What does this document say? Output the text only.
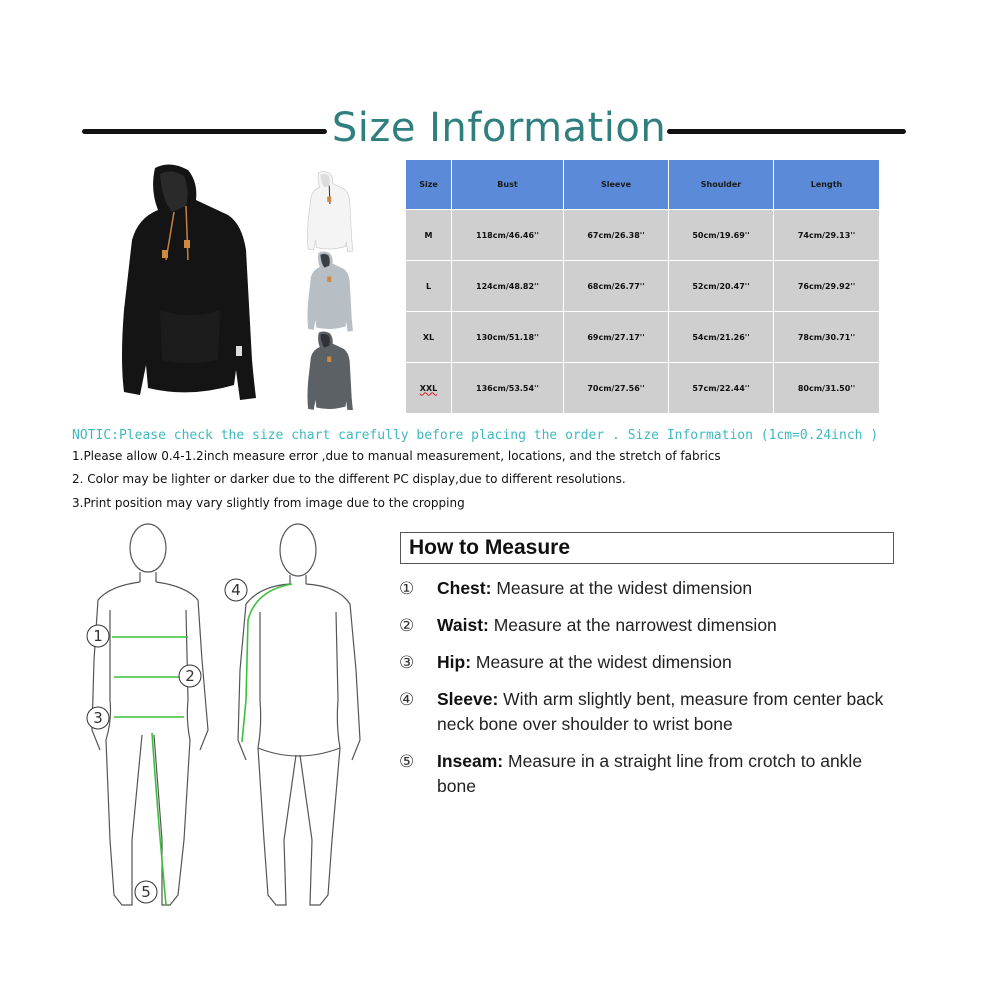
Size Information
Size	Bust	Sleeve	Shoulder	Length
M	118cm/46.46''	67cm/26.38''	50cm/19.69''	74cm/29.13''
L	124cm/48.82''	68cm/26.77''	52cm/20.47''	76cm/29.92''
XL	130cm/51.18''	69cm/27.17''	54cm/21.26''	78cm/30.71''
XXL	136cm/53.54''	70cm/27.56''	57cm/22.44''	80cm/31.50''
NOTIC:Please check the size chart carefully before placing the order . Size Information (1cm=0.24inch )
1.Please allow 0.4-1.2inch measure error ,due to manual measurement, locations, and the stretch of fabrics
2. Color may be lighter or darker due to the different PC display,due to different resolutions.
3.Print position may vary slightly from image due to the cropping
1
2
3
5
4
How to Measure
① Chest: Measure at the widest dimension
② Waist: Measure at the narrowest dimension
③ Hip: Measure at the widest dimension
④ Sleeve: With arm slightly bent, measure from center back neck bone over shoulder to wrist bone
⑤ Inseam: Measure in a straight line from crotch to ankle bone
